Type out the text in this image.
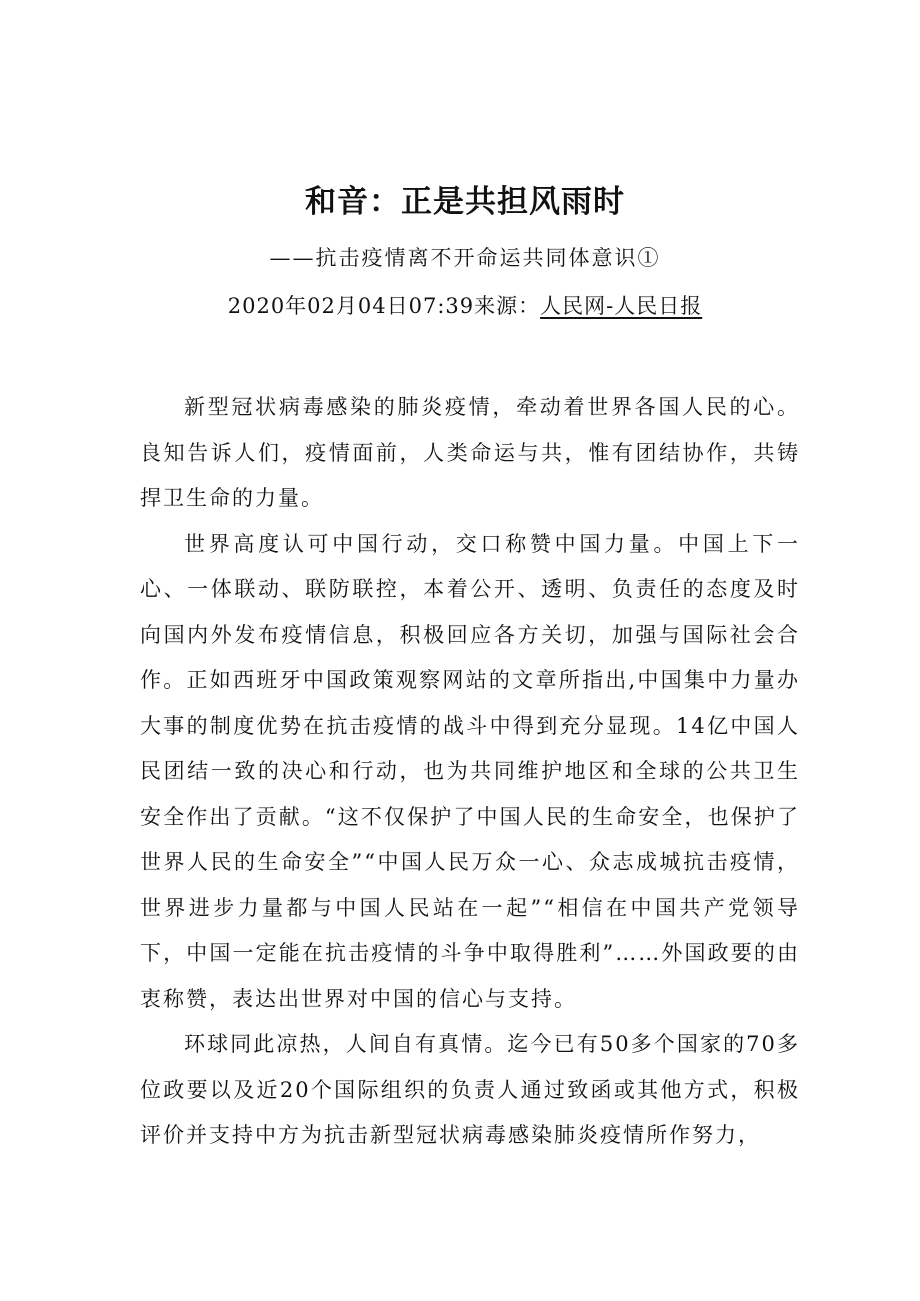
和音：正是共担风雨时
——抗击疫情离不开命运共同体意识①
2020年02月04日07:39来源：人民网-人民日报

新型冠状病毒感染的肺炎疫情，牵动着世界各国人民的心。良知告诉人们，疫情面前，人类命运与共，惟有团结协作，共铸捍卫生命的力量。

世界高度认可中国行动，交口称赞中国力量。中国上下一心、一体联动、联防联控，本着公开、透明、负责任的态度及时向国内外发布疫情信息，积极回应各方关切，加强与国际社会合作。正如西班牙中国政策观察网站的文章所指出,中国集中力量办大事的制度优势在抗击疫情的战斗中得到充分显现。14亿中国人民团结一致的决心和行动，也为共同维护地区和全球的公共卫生安全作出了贡献。“这不仅保护了中国人民的生命安全，也保护了世界人民的生命安全”“中国人民万众一心、众志成城抗击疫情，世界进步力量都与中国人民站在一起”“相信在中国共产党领导下，中国一定能在抗击疫情的斗争中取得胜利”……外国政要的由衷称赞，表达出世界对中国的信心与支持。

环球同此凉热，人间自有真情。迄今已有50多个国家的70多位政要以及近20个国际组织的负责人通过致函或其他方式，积极评价并支持中方为抗击新型冠状病毒感染肺炎疫情所作努力，
